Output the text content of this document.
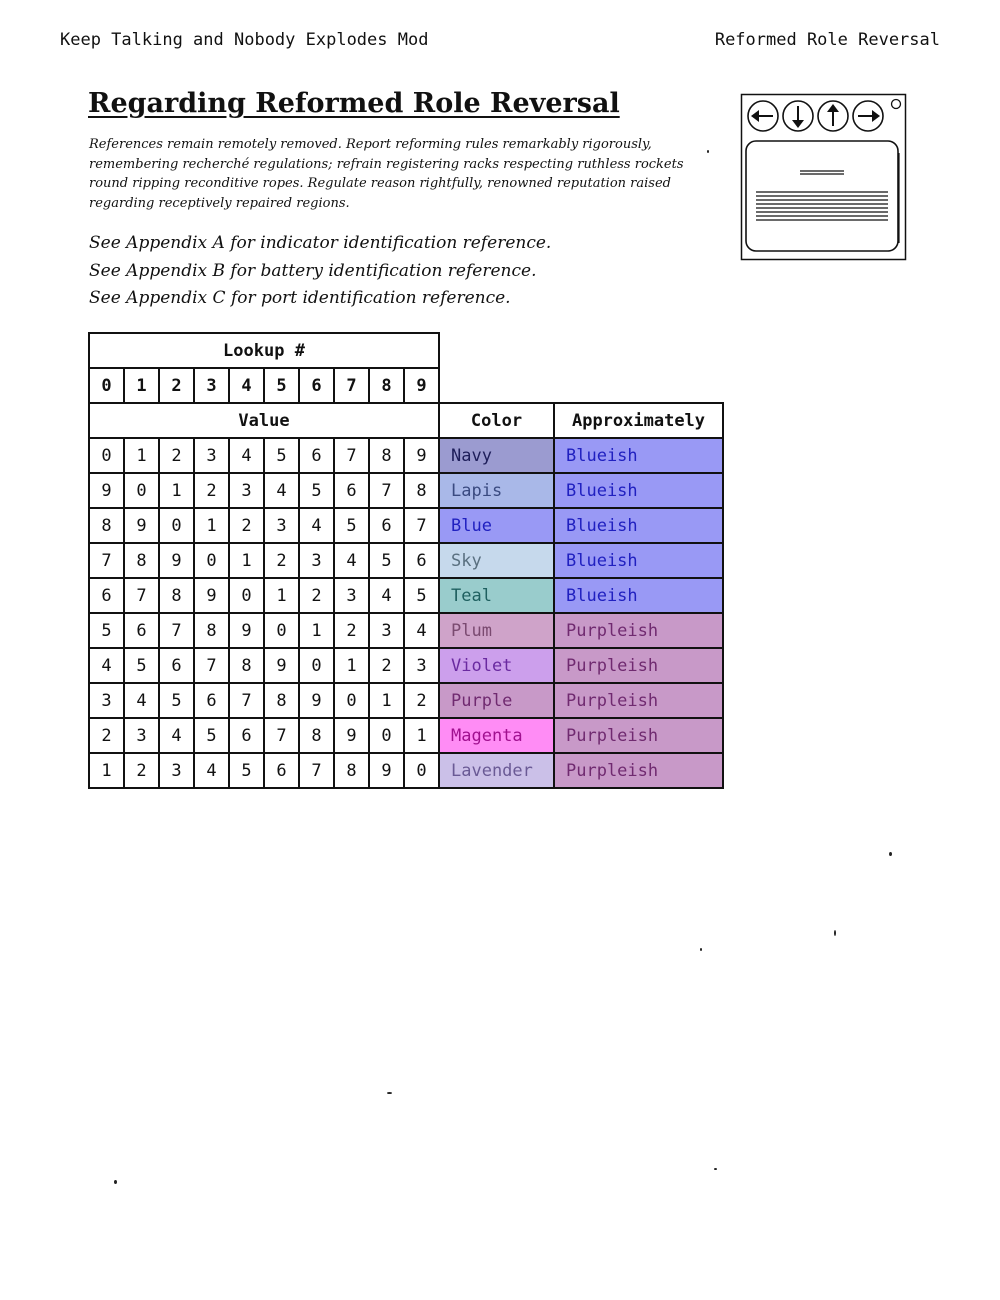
Keep Talking and Nobody Explodes Mod	Reformed Role Reversal
Regarding Reformed Role Reversal
References remain remotely removed. Report reforming rules remarkably rigorously, remembering recherché regulations; refrain registering racks respecting ruthless rockets round ripping reconditive ropes. Regulate reason rightfully, renowned reputation raised regarding receptively repaired regions.
See Appendix A for indicator identification reference.
See Appendix B for battery identification reference.
See Appendix C for port identification reference.
Lookup #											
0	1	2	3	4	5	6	7	8	9		
Value										Color	Approximately
0	1	2	3	4	5	6	7	8	9	Navy	Blueish
9	0	1	2	3	4	5	6	7	8	Lapis	Blueish
8	9	0	1	2	3	4	5	6	7	Blue	Blueish
7	8	9	0	1	2	3	4	5	6	Sky	Blueish
6	7	8	9	0	1	2	3	4	5	Teal	Blueish
5	6	7	8	9	0	1	2	3	4	Plum	Purpleish
4	5	6	7	8	9	0	1	2	3	Violet	Purpleish
3	4	5	6	7	8	9	0	1	2	Purple	Purpleish
2	3	4	5	6	7	8	9	0	1	Magenta	Purpleish
1	2	3	4	5	6	7	8	9	0	Lavender	Purpleish
